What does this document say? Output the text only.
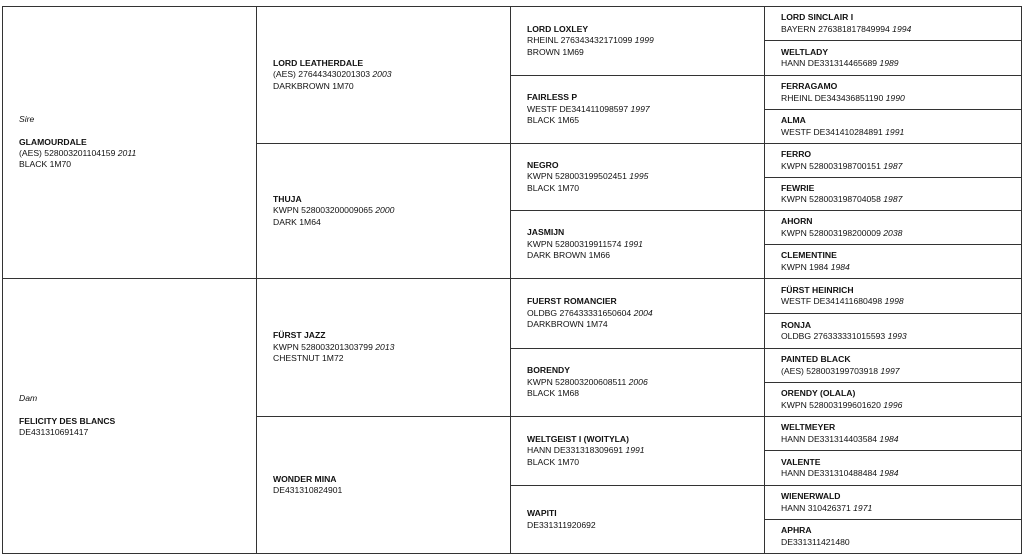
Sire
GLAMOURDALE
(AES) 528003201104159 2011
BLACK 1M70
Dam
FELICITY DES BLANCS
DE431310691417
LORD LEATHERDALE
(AES) 276443430201303 2003
DARKBROWN 1M70
THUJA
KWPN 528003200009065 2000
DARK 1M64
FÜRST JAZZ
KWPN 528003201303799 2013
CHESTNUT 1M72
WONDER MINA
DE431310824901
LORD LOXLEY
RHEINL 276343432171099 1999
BROWN 1M69
FAIRLESS P
WESTF DE341411098597 1997
BLACK 1M65
NEGRO
KWPN 528003199502451 1995
BLACK 1M70
JASMIJN
KWPN 52800319911574 1991
DARK BROWN 1M66
FUERST ROMANCIER
OLDBG 276433331650604 2004
DARKBROWN 1M74
BORENDY
KWPN 528003200608511 2006
BLACK 1M68
WELTGEIST I (WOITYLA)
HANN DE331318309691 1991
BLACK 1M70
WAPITI
DE331311920692
LORD SINCLAIR I
BAYERN 276381817849994 1994
WELTLADY
HANN DE331314465689 1989
FERRAGAMO
RHEINL DE343436851190 1990
ALMA
WESTF DE341410284891 1991
FERRO
KWPN 528003198700151 1987
FEWRIE
KWPN 528003198704058 1987
AHORN
KWPN 528003198200009 2038
CLEMENTINE
KWPN 1984 1984
FÜRST HEINRICH
WESTF DE341411680498 1998
RONJA
OLDBG 276333331015593 1993
PAINTED BLACK
(AES) 528003199703918 1997
ORENDY (OLALA)
KWPN 528003199601620 1996
WELTMEYER
HANN DE331314403584 1984
VALENTE
HANN DE331310488484 1984
WIENERWALD
HANN 310426371 1971
APHRA
DE331311421480
